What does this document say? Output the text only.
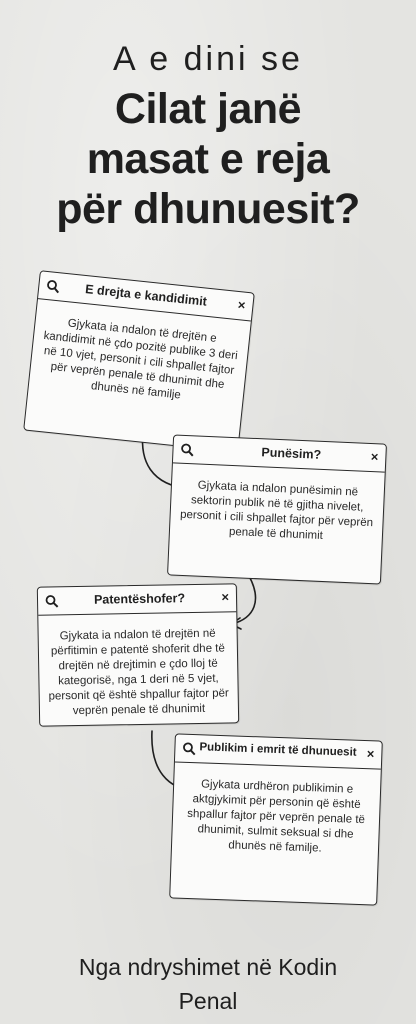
A e dini se
Cilat janë
masat e reja
për dhunuesit?
E drejta e kandidimit ×
Gjykata ia ndalon të drejtën e kandidimit në çdo pozitë publike 3 deri në 10 vjet, personit i cili shpallet fajtor për veprën penale të dhunimit dhe dhunës në familje
Punësim?	×
Gjykata ia ndalon punësimin në sektorin publik në të gjitha nivelet, personit i cili shpallet fajtor për veprën penale të dhunimit
Patentëshofer?	×
Gjykata ia ndalon të drejtën në përfitimin e patentë shoferit dhe të drejtën në drejtimin e çdo lloj të kategorisë, nga 1 deri në 5 vjet, personit që është shpallur fajtor për veprën penale të dhunimit
Publikim i emrit të dhunuesit ×
Gjykata urdhëron publikimin e aktgjykimit për personin që është shpallur fajtor për veprën penale të dhunimit, sulmit seksual si dhe dhunës në familje.
Nga ndryshimet në Kodin
Penal
